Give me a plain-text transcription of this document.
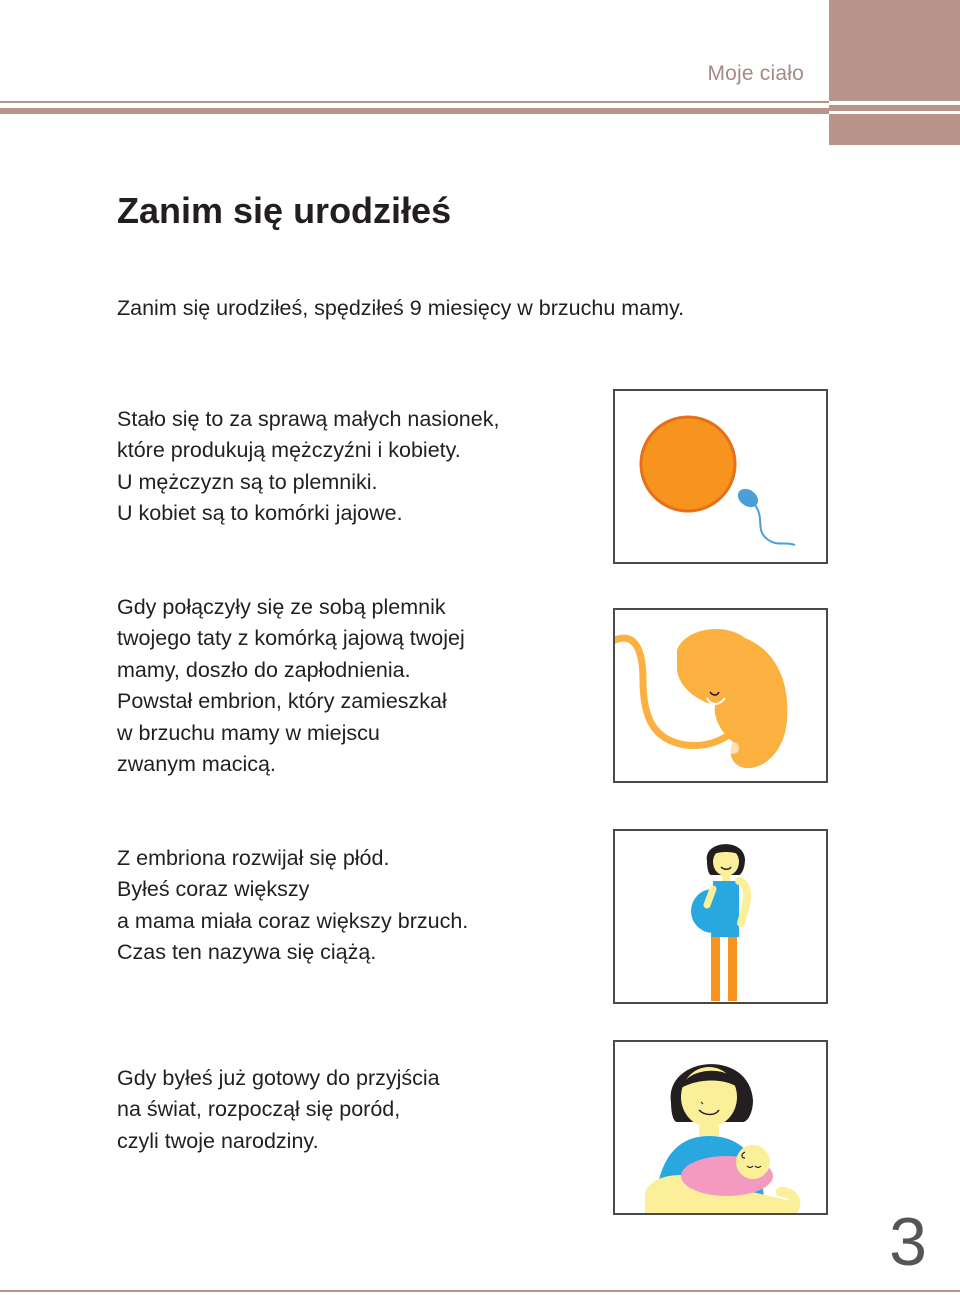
Moje ciało
Zanim się urodziłeś

Zanim się urodziłeś, spędziłeś 9 miesięcy w brzuchu mamy.

Stało się to za sprawą małych nasionek,
które produkują mężczyźni i kobiety.
U mężczyzn są to plemniki.
U kobiet są to komórki jajowe.

Gdy połączyły się ze sobą plemnik
twojego taty z komórką jajową twojej
mamy, doszło do zapłodnienia.
Powstał embrion, który zamieszkał
w brzuchu mamy w miejscu
zwanym macicą.

Z embriona rozwijał się płód.
Byłeś coraz większy
a mama miała coraz większy brzuch.
Czas ten nazywa się ciążą.

Gdy byłeś już gotowy do przyjścia
na świat, rozpoczął się poród,
czyli twoje narodziny.

3
